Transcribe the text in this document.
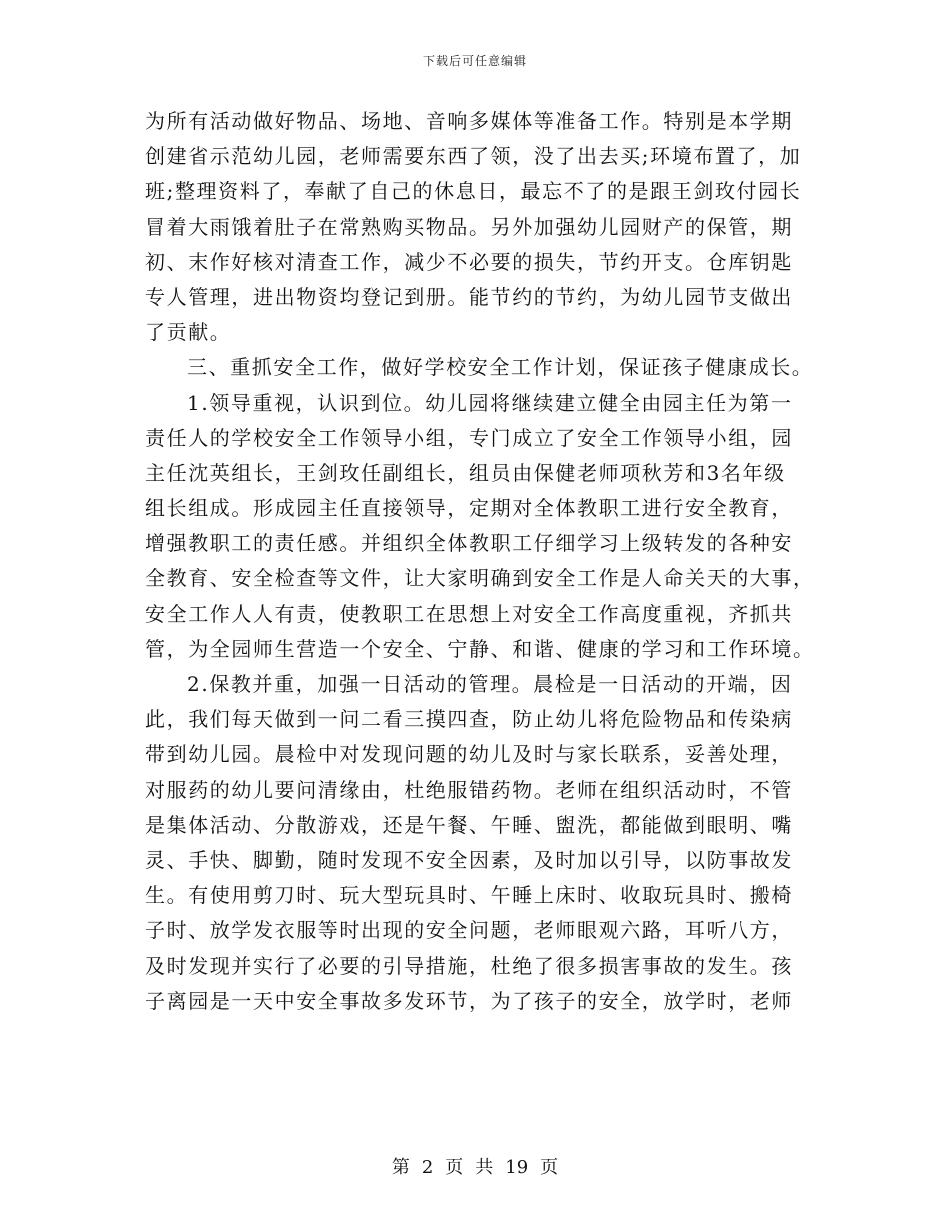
下载后可任意编辑
为所有活动做好物品、场地、音响多媒体等准备工作。特别是本学期
创建省示范幼儿园，老师需要东西了领，没了出去买;环境布置了，加
班;整理资料了，奉献了自己的休息日，最忘不了的是跟王剑玫付园长
冒着大雨饿着肚子在常熟购买物品。另外加强幼儿园财产的保管，期
初、末作好核对清查工作，减少不必要的损失，节约开支。仓库钥匙
专人管理，进出物资均登记到册。能节约的节约，为幼儿园节支做出
了贡献。
三、重抓安全工作，做好学校安全工作计划，保证孩子健康成长。
1.领导重视，认识到位。幼儿园将继续建立健全由园主任为第一
责任人的学校安全工作领导小组，专门成立了安全工作领导小组，园
主任沈英组长，王剑玫任副组长，组员由保健老师项秋芳和3名年级
组长组成。形成园主任直接领导，定期对全体教职工进行安全教育，
增强教职工的责任感。并组织全体教职工仔细学习上级转发的各种安
全教育、安全检查等文件，让大家明确到安全工作是人命关天的大事，
安全工作人人有责，使教职工在思想上对安全工作高度重视，齐抓共
管，为全园师生营造一个安全、宁静、和谐、健康的学习和工作环境。
2.保教并重，加强一日活动的管理。晨检是一日活动的开端，因
此，我们每天做到一问二看三摸四查，防止幼儿将危险物品和传染病
带到幼儿园。晨检中对发现问题的幼儿及时与家长联系，妥善处理，
对服药的幼儿要问清缘由，杜绝服错药物。老师在组织活动时，不管
是集体活动、分散游戏，还是午餐、午睡、盥洗，都能做到眼明、嘴
灵、手快、脚勤，随时发现不安全因素，及时加以引导，以防事故发
生。有使用剪刀时、玩大型玩具时、午睡上床时、收取玩具时、搬椅
子时、放学发衣服等时出现的安全问题，老师眼观六路，耳听八方，
及时发现并实行了必要的引导措施，杜绝了很多损害事故的发生。孩
子离园是一天中安全事故多发环节，为了孩子的安全，放学时，老师
第 2 页 共 19 页
